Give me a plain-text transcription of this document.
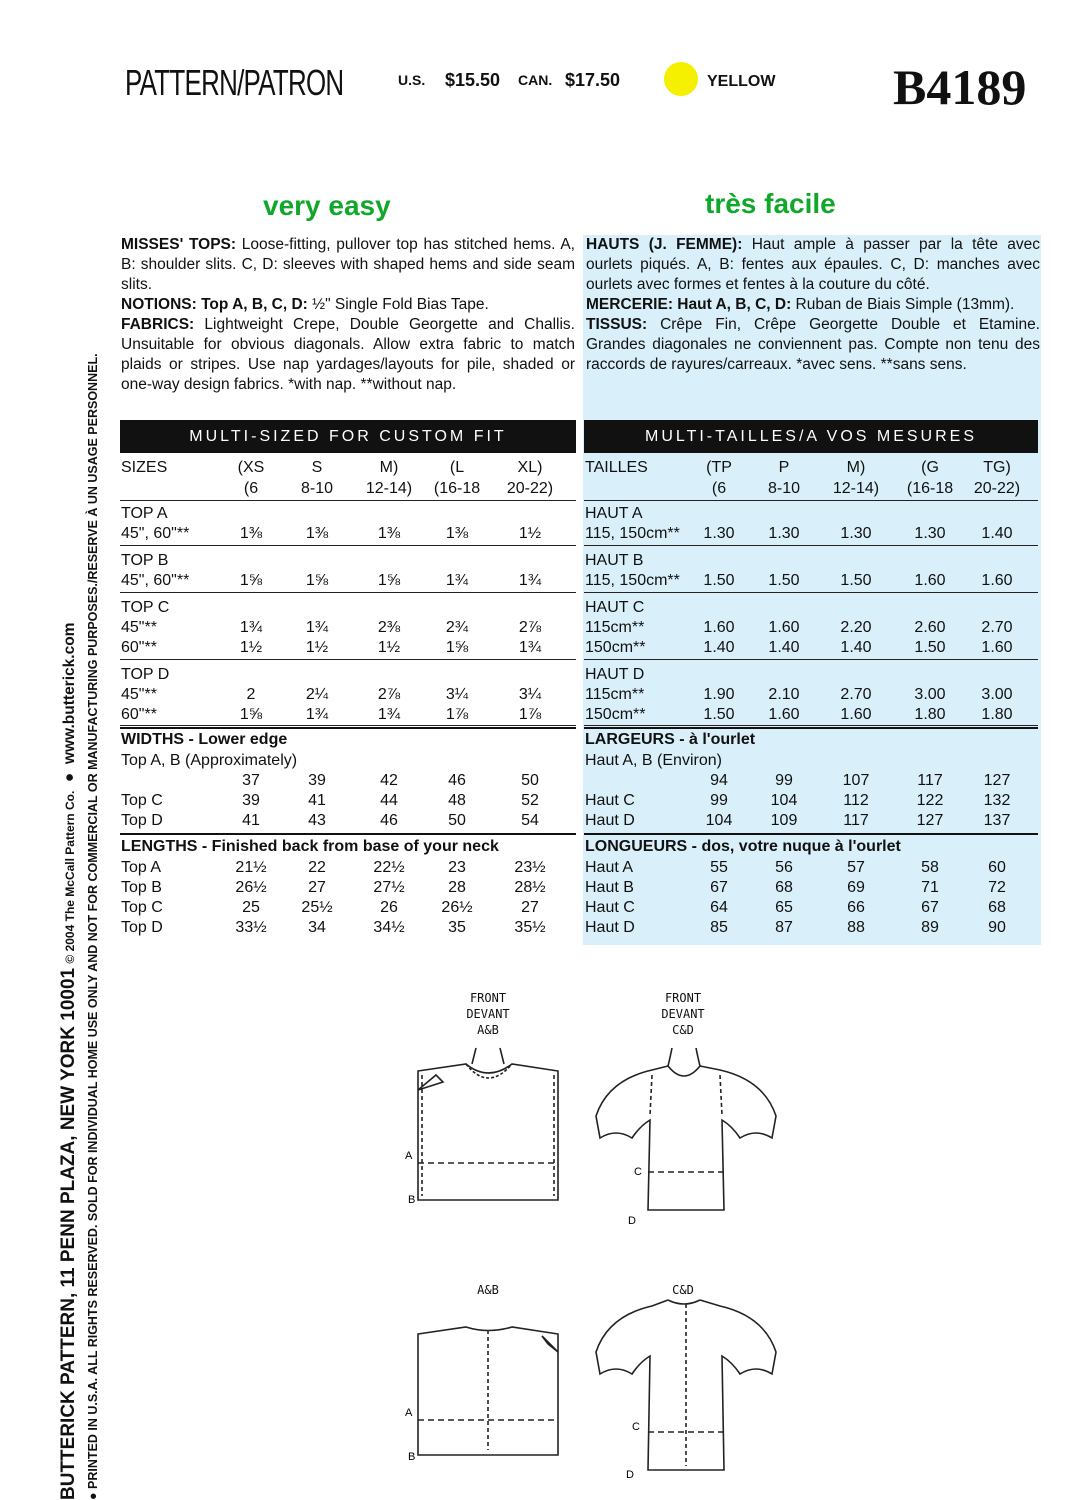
PATTERN/PATRON	U.S. $15.50 CAN. $17.50	YELLOW B4189
very easy	très facile
MISSES' TOPS: Loose-fitting, pullover top has stitched hems. A, B: shoulder slits. C, D: sleeves with shaped hems and side seam slits.
NOTIONS: Top A, B, C, D: ½" Single Fold Bias Tape.
FABRICS: Lightweight Crepe, Double Georgette and Challis. Unsuitable for obvious diagonals. Allow extra fabric to match plaids or stripes. Use nap yardages/layouts for pile, shaded or one-way design fabrics. *with nap. **without nap.
HAUTS (J. FEMME): Haut ample à passer par la tête avec ourlets piqués. A, B: fentes aux épaules. C, D: manches avec ourlets avec formes et fentes à la couture du côté.
MERCERIE: Haut A, B, C, D: Ruban de Biais Simple (13mm).
TISSUS: Crêpe Fin, Crêpe Georgette Double et Etamine. Grandes diagonales ne conviennent pas. Compte non tenu des raccords de rayures/carreaux. *avec sens. **sans sens.
MULTI-SIZED FOR CUSTOM FIT	MULTI-TAILLES/A VOS MESURES
BUTTERICK PATTERN, 11 PENN PLAZA, NEW YORK 10001 © 2004 The McCall Pattern Co.  ●  www.butterick.com
● PRINTED IN U.S.A. ALL RIGHTS RESERVED. SOLD FOR INDIVIDUAL HOME USE ONLY AND NOT FOR COMMERCIAL OR MANUFACTURING PURPOSES./RESERVE À UN USAGE PERSONNEL.	FRONT
DEVANT
A&B
FRONT
DEVANT
C&D
A&B	C&D
A
B
C
D
A
B
C
D
SIZES	(XS	S	M)	(L	XL)
(6	8-10	12-14)	(16-18	20-22)
TOP A
45", 60"**	1⅜	1⅜	1⅜	1⅜	1½
TOP B
45", 60"**	1⅝	1⅝	1⅝	1¾	1¾
TOP C
45"**	1¾	1¾	2⅜	2¾	2⅞
60"**	1½	1½	1½	1⅝	1¾
TOP D
45"**	2	2¼	2⅞	3¼	3¼
60"**	1⅝	1¾	1¾	1⅞	1⅞
WIDTHS - Lower edge
Top A, B (Approximately)
37	39	42	46	50
Top C	39	41	44	48	52
Top D	41	43	46	50	54
LENGTHS - Finished back from base of your neck
Top A	21½	22	22½	23	23½
Top B	26½	27	27½	28	28½
Top C	25	25½	26	26½	27
Top D	33½	34	34½	35	35½
TAILLES	(TP	P	M)	(G	TG)
(6	8-10	12-14)	(16-18	20-22)
HAUT A
115, 150cm**	1.30	1.30	1.30	1.30	1.40
HAUT B
115, 150cm**	1.50	1.50	1.50	1.60	1.60
HAUT C
115cm**	1.60	1.60	2.20	2.60	2.70
150cm**	1.40	1.40	1.40	1.50	1.60
HAUT D
115cm**	1.90	2.10	2.70	3.00	3.00
150cm**	1.50	1.60	1.60	1.80	1.80
LARGEURS - à l'ourlet
Haut A, B (Environ)
94	99	107	117	127
Haut C	99	104	112	122	132
Haut D	104	109	117	127	137
LONGUEURS - dos, votre nuque à l'ourlet
Haut A	55	56	57	58	60
Haut B	67	68	69	71	72
Haut C	64	65	66	67	68
Haut D	85	87	88	89	90
